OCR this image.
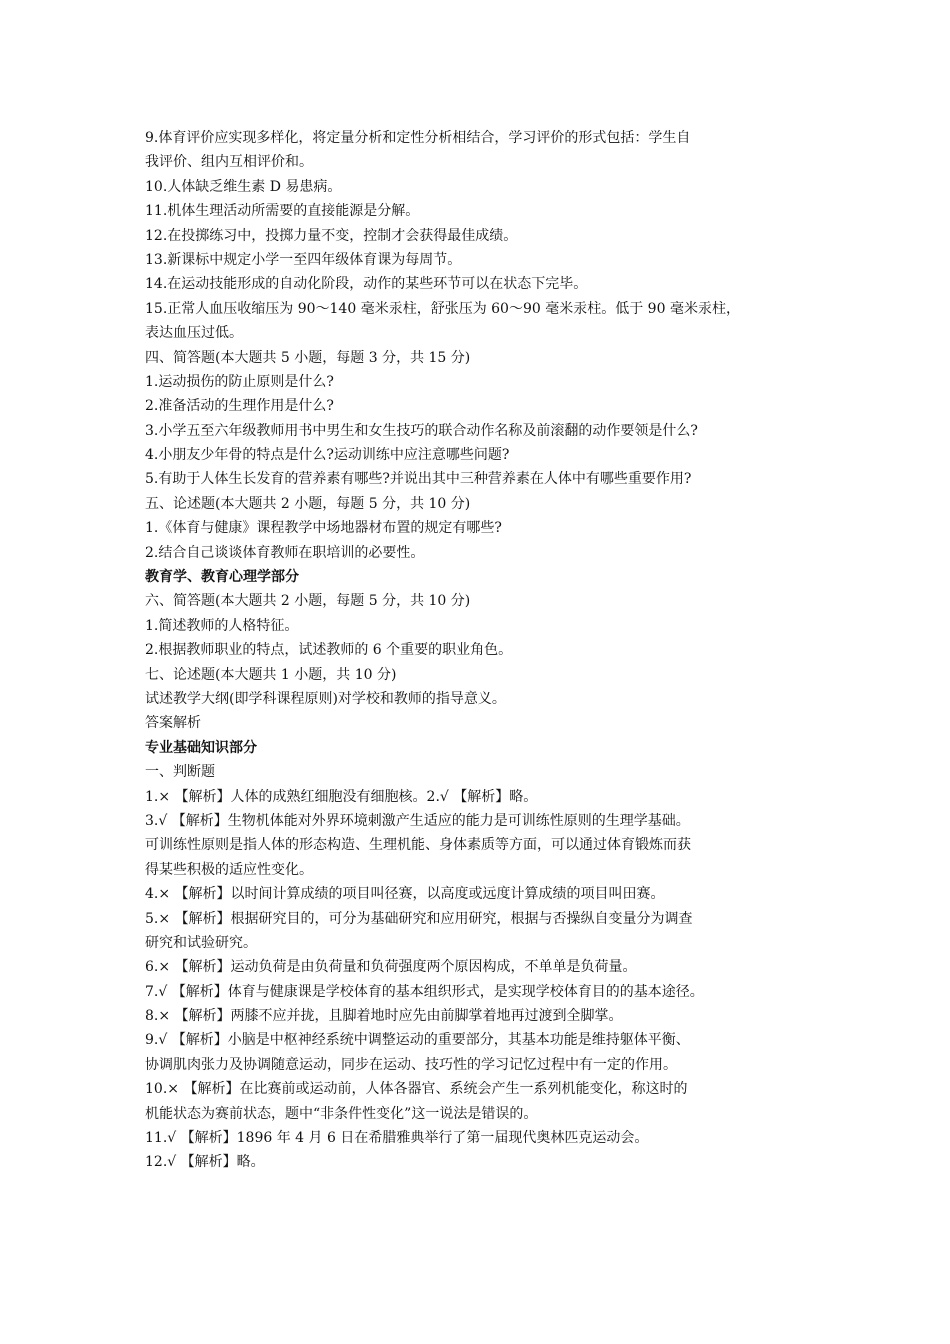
9.体育评价应实现多样化，将定量分析和定性分析相结合，学习评价的形式包括：学生自
我评价、组内互相评价和。
10.人体缺乏维生素 D 易患病。
11.机体生理活动所需要的直接能源是分解。
12.在投掷练习中，投掷力量不变，控制才会获得最佳成绩。
13.新课标中规定小学一至四年级体育课为每周节。
14.在运动技能形成的自动化阶段，动作的某些环节可以在状态下完毕。
15.正常人血压收缩压为 90～140 毫米汞柱，舒张压为 60～90 毫米汞柱。低于 90 毫米汞柱，
表达血压过低。
四、简答题(本大题共 5 小题，每题 3 分，共 15 分)
1.运动损伤的防止原则是什么?
2.准备活动的生理作用是什么?
3.小学五至六年级教师用书中男生和女生技巧的联合动作名称及前滚翻的动作要领是什么?
4.小朋友少年骨的特点是什么?运动训练中应注意哪些问题?
5.有助于人体生长发育的营养素有哪些?并说出其中三种营养素在人体中有哪些重要作用?
五、论述题(本大题共 2 小题，每题 5 分，共 10 分)
1.《体育与健康》课程教学中场地器材布置的规定有哪些?
2.结合自己谈谈体育教师在职培训的必要性。
教育学、教育心理学部分
六、简答题(本大题共 2 小题，每题 5 分，共 10 分)
1.简述教师的人格特征。
2.根据教师职业的特点，试述教师的 6 个重要的职业角色。
七、论述题(本大题共 1 小题，共 10 分)
试述教学大纲(即学科课程原则)对学校和教师的指导意义。
答案解析
专业基础知识部分
一、判断题
1.× 【解析】人体的成熟红细胞没有细胞核。2.√ 【解析】略。
3.√ 【解析】生物机体能对外界环境刺激产生适应的能力是可训练性原则的生理学基础。
可训练性原则是指人体的形态构造、生理机能、身体素质等方面，可以通过体育锻炼而获
得某些积极的适应性变化。
4.× 【解析】以时间计算成绩的项目叫径赛，以高度或远度计算成绩的项目叫田赛。
5.× 【解析】根据研究目的，可分为基础研究和应用研究，根据与否操纵自变量分为调查
研究和试验研究。
6.× 【解析】运动负荷是由负荷量和负荷强度两个原因构成，不单单是负荷量。
7.√ 【解析】体育与健康课是学校体育的基本组织形式，是实现学校体育目的的基本途径。
8.× 【解析】两膝不应并拢，且脚着地时应先由前脚掌着地再过渡到全脚掌。
9.√ 【解析】小脑是中枢神经系统中调整运动的重要部分，其基本功能是维持躯体平衡、
协调肌肉张力及协调随意运动，同步在运动、技巧性的学习记忆过程中有一定的作用。
10.× 【解析】在比赛前或运动前，人体各器官、系统会产生一系列机能变化，称这时的
机能状态为赛前状态，题中“非条件性变化”这一说法是错误的。
11.√ 【解析】1896 年 4 月 6 日在希腊雅典举行了第一届现代奥林匹克运动会。
12.√ 【解析】略。
